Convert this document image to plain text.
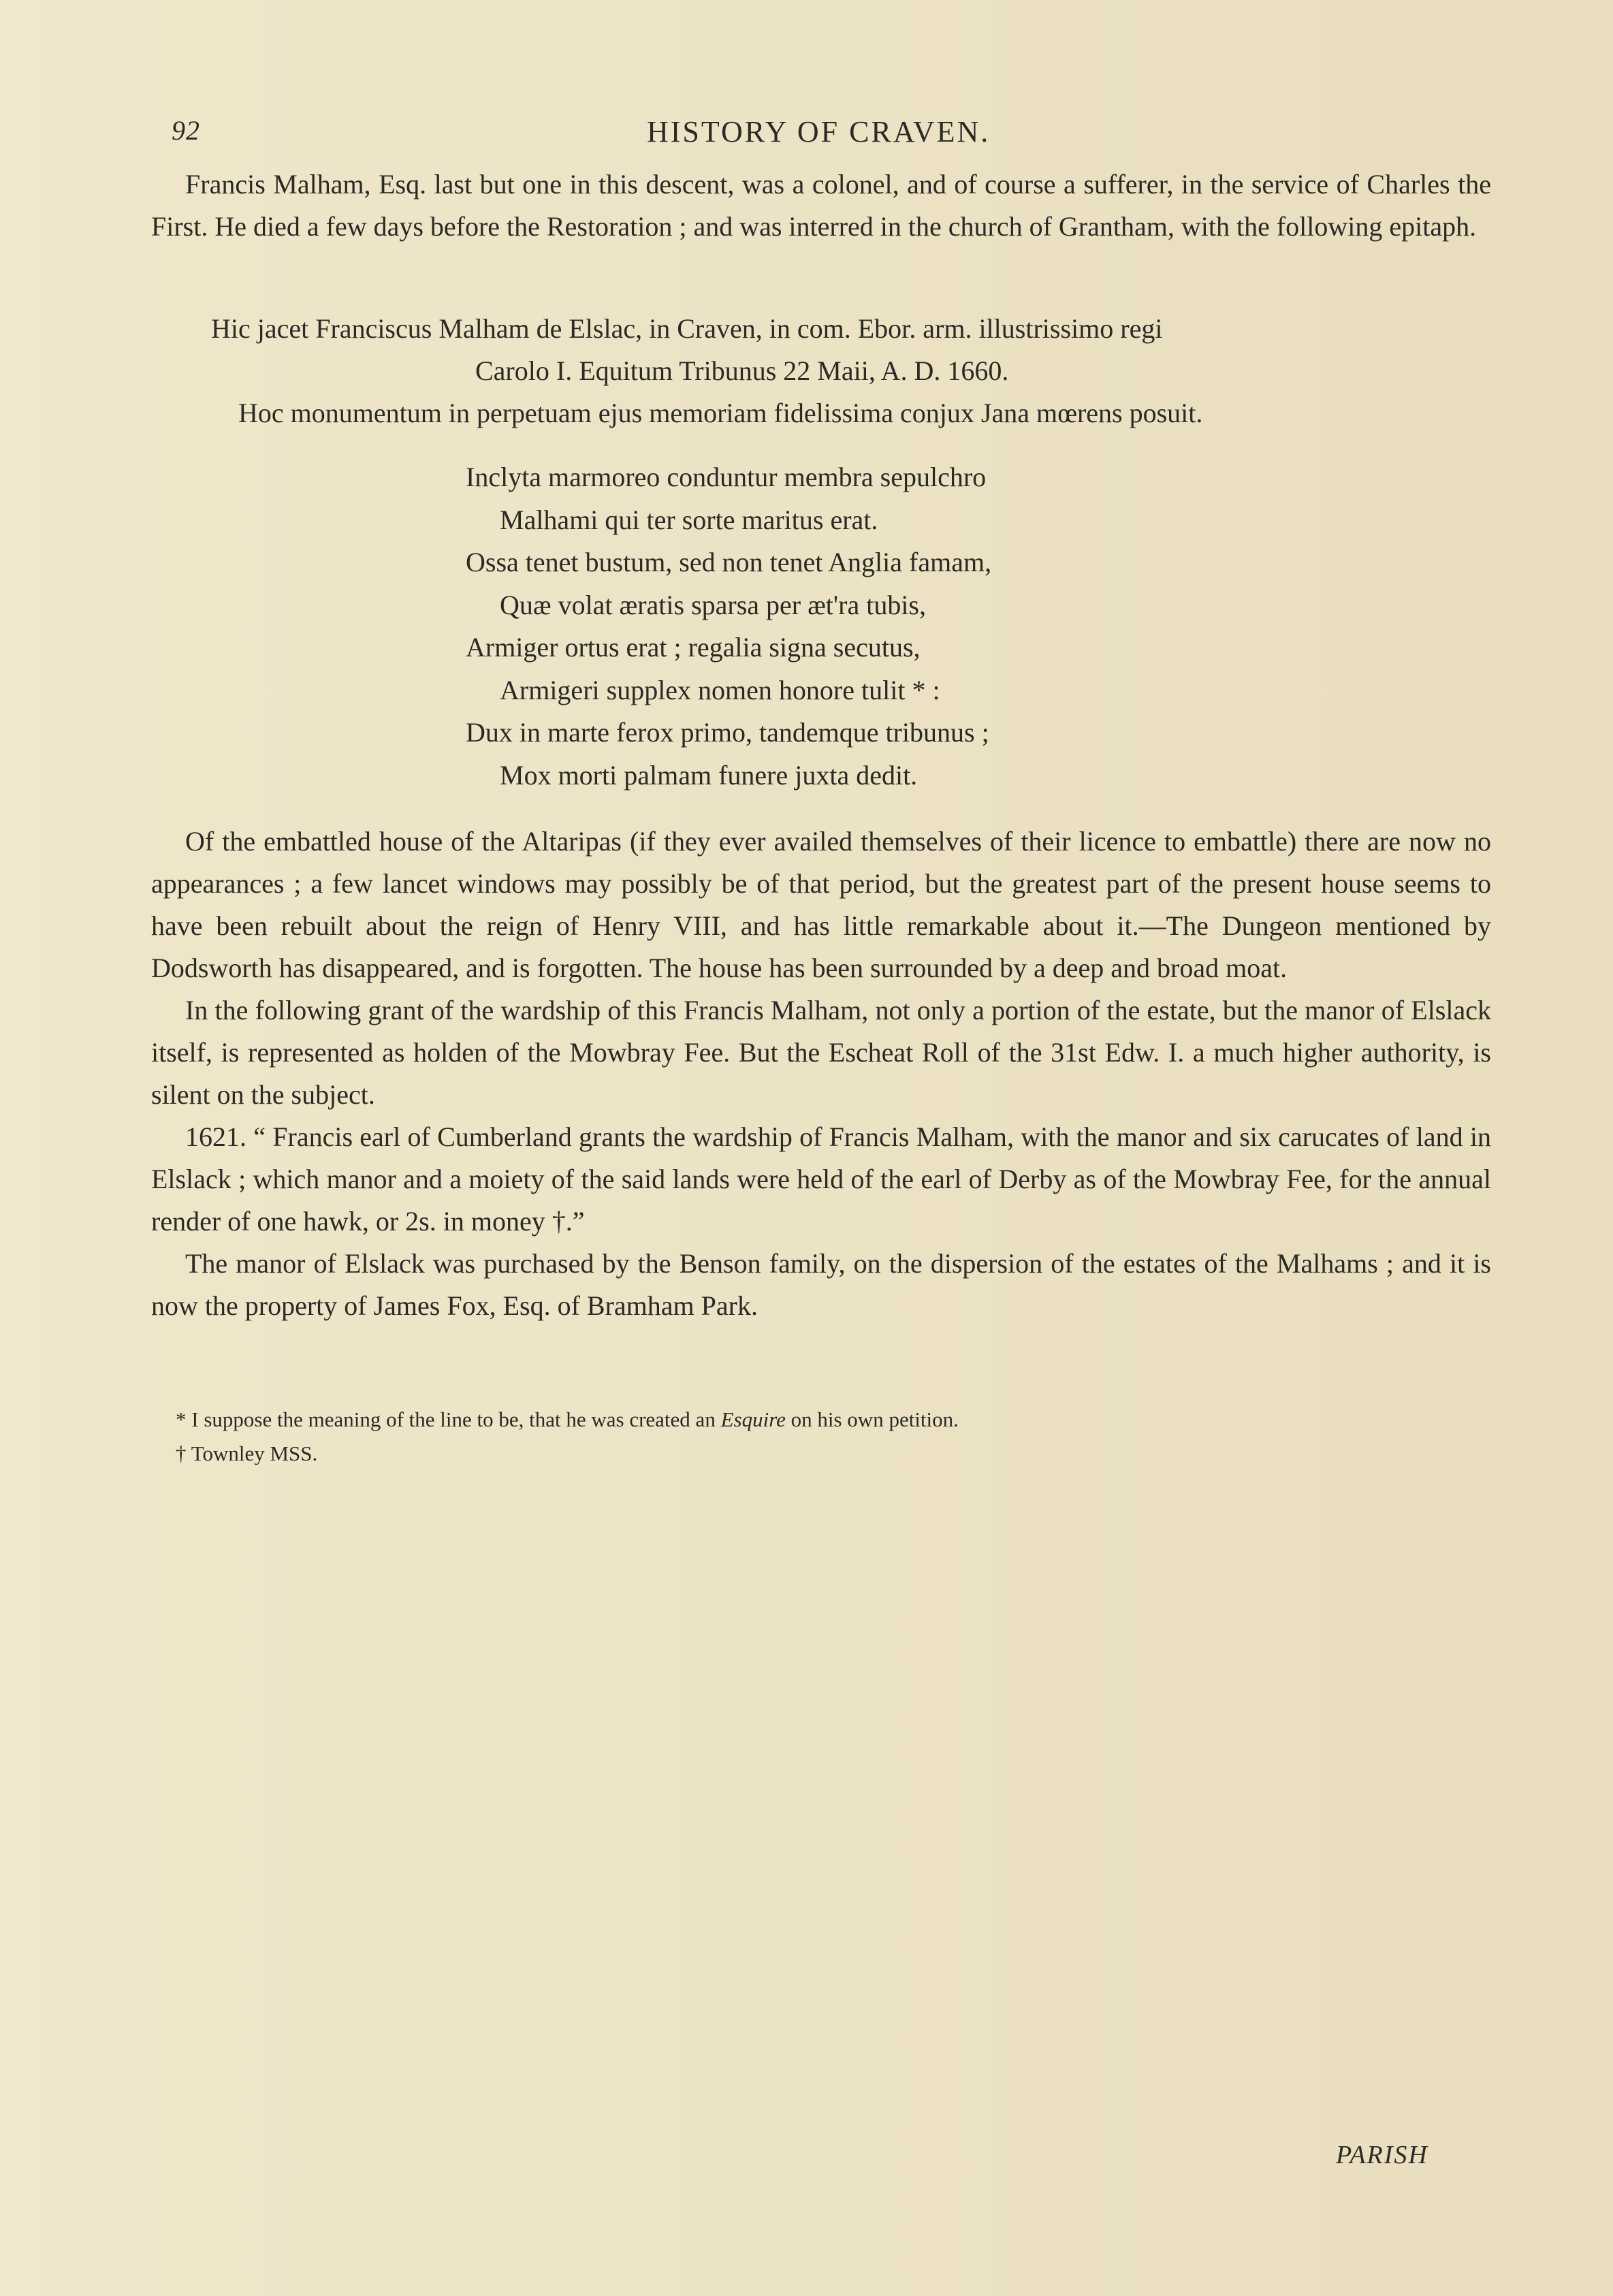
92	HISTORY OF CRAVEN.

Francis Malham, Esq. last but one in this descent, was a colonel, and of course a sufferer, in the service of Charles the First. He died a few days before the Restoration ; and was interred in the church of Grantham, with the following epitaph.

Hic jacet Franciscus Malham de Elslac, in Craven, in com. Ebor. arm. illustrissimo regi
Carolo I. Equitum Tribunus 22 Maii, A. D. 1660.
Hoc monumentum in perpetuam ejus memoriam fidelissima conjux Jana mœrens posuit.
Inclyta marmoreo conduntur membra sepulchro
Malhami qui ter sorte maritus erat.
Ossa tenet bustum, sed non tenet Anglia famam,
Quæ volat æratis sparsa per æt'ra tubis,
Armiger ortus erat ; regalia signa secutus,
Armigeri supplex nomen honore tulit * :
Dux in marte ferox primo, tandemque tribunus ;
Mox morti palmam funere juxta dedit.

Of the embattled house of the Altaripas (if they ever availed themselves of their licence to embattle) there are now no appearances ; a few lancet windows may possibly be of that period, but the greatest part of the present house seems to have been rebuilt about the reign of Henry VIII, and has little remarkable about it.—The Dungeon mentioned by Dodsworth has disappeared, and is forgotten. The house has been surrounded by a deep and broad moat.

In the following grant of the wardship of this Francis Malham, not only a portion of the estate, but the manor of Elslack itself, is represented as holden of the Mowbray Fee. But the Escheat Roll of the 31st Edw. I. a much higher authority, is silent on the subject.

1621. “ Francis earl of Cumberland grants the wardship of Francis Malham, with the manor and six carucates of land in Elslack ; which manor and a moiety of the said lands were held of the earl of Derby as of the Mowbray Fee, for the annual render of one hawk, or 2s. in money †.”

The manor of Elslack was purchased by the Benson family, on the dispersion of the estates of the Malhams ; and it is now the property of James Fox, Esq. of Bramham Park.

* I suppose the meaning of the line to be, that he was created an Esquire on his own petition.
† Townley MSS.
PARISH
